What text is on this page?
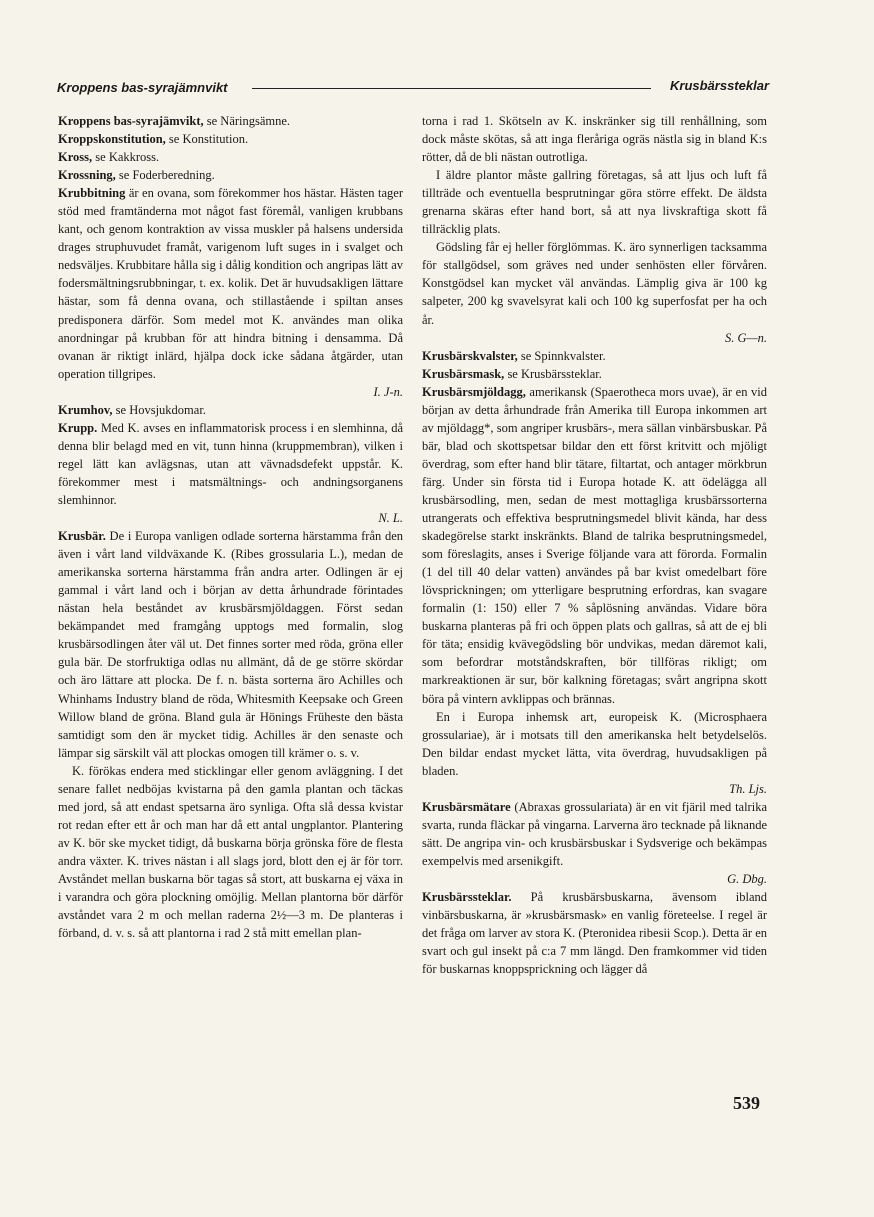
Kroppens bas-syrajämnvikt	Krusbärssteklar

Kroppens bas-syrajämvikt, se Näringsämne.

Kroppskonstitution, se Konstitution.

Kross, se Kakkross.

Krossning, se Foderberedning.

Krubbitning är en ovana, som förekommer hos hästar. Hästen tager stöd med framtänderna mot något fast föremål, vanligen krubbans kant, och genom kontraktion av vissa muskler på halsens undersida drages struphuvudet framåt, varigenom luft suges in i svalget och nedsväljes. Krubbitare hålla sig i dålig kondition och angripas lätt av fodersmältningsrubbningar, t. ex. kolik. Det är huvudsakligen lättare hästar, som få denna ovana, och stillastående i spiltan anses predisponera därför. Som medel mot K. användes man olika anordningar på krubban för att hindra bitning i densamma. Då ovanan är riktigt inlärd, hjälpa dock icke sådana åtgärder, utan operation tillgripes.

I. J-n.

Krumhov, se Hovsjukdomar.

Krupp. Med K. avses en inflammatorisk process i en slemhinna, då denna blir belagd med en vit, tunn hinna (kruppmembran), vilken i regel lätt kan avlägsnas, utan att vävnadsdefekt uppstår. K. förekommer mest i matsmältnings- och andningsorganens slemhinnor.

N. L.

Krusbär. De i Europa vanligen odlade sorterna härstamma från den även i vårt land vildväxande K. (Ribes grossularia L.), medan de amerikanska sorterna härstamma från andra arter. Odlingen är ej gammal i vårt land och i början av detta århundrade förintades nästan hela beståndet av krusbärsmjöldaggen. Först sedan bekämpandet med framgång upptogs med formalin, slog krusbärsodlingen åter väl ut. Det finnes sorter med röda, gröna eller gula bär. De storfruktiga odlas nu allmänt, då de ge större skördar och äro lättare att plocka. De f. n. bästa sorterna äro Achilles och Whinhams Industry bland de röda, Whitesmith Keepsake och Green Willow bland de gröna. Bland gula är Hönings Früheste den bästa samtidigt som den är mycket tidig. Achilles är den senaste och lämpar sig särskilt väl att plockas omogen till krämer o. s. v.

K. förökas endera med sticklingar eller genom avläggning. I det senare fallet nedböjas kvistarna på den gamla plantan och täckas med jord, så att endast spetsarna äro synliga. Ofta slå dessa kvistar rot redan efter ett år och man har då ett antal ungplantor. Plantering av K. bör ske mycket tidigt, då buskarna börja grönska före de flesta andra växter. K. trives nästan i all slags jord, blott den ej är för torr. Avståndet mellan buskarna bör tagas så stort, att buskarna ej växa in i varandra och göra plockning omöjlig. Mellan plantorna bör därför avståndet vara 2 m och mellan raderna 2½—3 m. De planteras i förband, d. v. s. så att plantorna i rad 2 stå mitt emellan plan-

torna i rad 1. Skötseln av K. inskränker sig till renhållning, som dock måste skötas, så att inga fleråriga ogräs nästla sig in bland K:s rötter, då de bli nästan outrotliga.

I äldre plantor måste gallring företagas, så att ljus och luft få tillträde och eventuella besprutningar göra större effekt. De äldsta grenarna skäras efter hand bort, så att nya livskraftiga skott få tillräcklig plats.

Gödsling får ej heller förglömmas. K. äro synnerligen tacksamma för stallgödsel, som gräves ned under senhösten eller förvåren. Konstgödsel kan mycket väl användas. Lämplig giva är 100 kg salpeter, 200 kg svavelsyrat kali och 100 kg superfosfat per ha och år.

S. G—n.

Krusbärskvalster, se Spinnkvalster.

Krusbärsmask, se Krusbärssteklar.

Krusbärsmjöldagg, amerikansk (Spaerotheca mors uvae), är en vid början av detta århundrade från Amerika till Europa inkommen art av mjöldagg*, som angriper krusbärs-, mera sällan vinbärsbuskar. På bär, blad och skottspetsar bildar den ett först kritvitt och mjöligt överdrag, som efter hand blir tätare, filtartat, och antager mörkbrun färg. Under sin första tid i Europa hotade K. att ödelägga all krusbärsodling, men, sedan de mest mottagliga krusbärssorterna utrangerats och effektiva besprutningsmedel blivit kända, har dess skadegörelse starkt inskränkts. Bland de talrika besprutningsmedel, som föreslagits, anses i Sverige följande vara att förorda. Formalin (1 del till 40 delar vatten) användes på bar kvist omedelbart före lövsprickningen; om ytterligare besprutning erfordras, kan svagare formalin (1: 150) eller 7 % såplösning användas. Vidare böra buskarna planteras på fri och öppen plats och gallras, så att de ej bli för täta; ensidig kvävegödsling bör undvikas, medan däremot kali, som befordrar motståndskraften, bör tillföras rikligt; om markreaktionen är sur, bör kalkning företagas; svårt angripna skott böra på vintern avklippas och brännas.

En i Europa inhemsk art, europeisk K. (Microsphaera grossulariae), är i motsats till den amerikanska helt betydelselös. Den bildar endast mycket lätta, vita överdrag, huvudsakligen på bladen.

Th. Ljs.

Krusbärsmätare (Abraxas grossulariata) är en vit fjäril med talrika svarta, runda fläckar på vingarna. Larverna äro tecknade på liknande sätt. De angripa vin- och krusbärsbuskar i Sydsverige och bekämpas exempelvis med arsenikgift.

G. Dbg.

Krusbärssteklar. På krusbärsbuskarna, ävensom ibland vinbärsbuskarna, är »krusbärsmask» en vanlig företeelse. I regel är det fråga om larver av stora K. (Pteronidea ribesii Scop.). Detta är en svart och gul insekt på c:a 7 mm längd. Den framkommer vid tiden för buskarnas knoppsprickning och lägger då

539
